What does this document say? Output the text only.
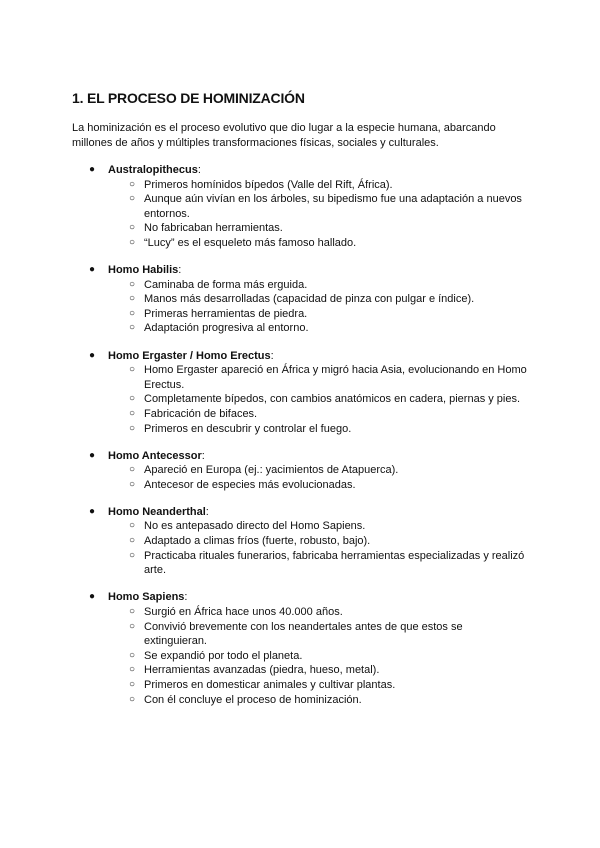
1. EL PROCESO DE HOMINIZACIÓN
La hominización es el proceso evolutivo que dio lugar a la especie humana, abarcando millones de años y múltiples transformaciones físicas, sociales y culturales.
● Australopithecus:
○ Primeros homínidos bípedos (Valle del Rift, África).
○ Aunque aún vivían en los árboles, su bipedismo fue una adaptación a nuevos entornos.
○ No fabricaban herramientas.
○ “Lucy” es el esqueleto más famoso hallado.
● Homo Habilis:
○ Caminaba de forma más erguida.
○ Manos más desarrolladas (capacidad de pinza con pulgar e índice).
○ Primeras herramientas de piedra.
○ Adaptación progresiva al entorno.
● Homo Ergaster / Homo Erectus:
○ Homo Ergaster apareció en África y migró hacia Asia, evolucionando en Homo Erectus.
○ Completamente bípedos, con cambios anatómicos en cadera, piernas y pies.
○ Fabricación de bifaces.
○ Primeros en descubrir y controlar el fuego.
● Homo Antecessor:
○ Apareció en Europa (ej.: yacimientos de Atapuerca).
○ Antecesor de especies más evolucionadas.
● Homo Neanderthal:
○ No es antepasado directo del Homo Sapiens.
○ Adaptado a climas fríos (fuerte, robusto, bajo).
○ Practicaba rituales funerarios, fabricaba herramientas especializadas y realizó arte.
● Homo Sapiens:
○ Surgió en África hace unos 40.000 años.
○ Convivió brevemente con los neandertales antes de que estos se extinguieran.
○ Se expandió por todo el planeta.
○ Herramientas avanzadas (piedra, hueso, metal).
○ Primeros en domesticar animales y cultivar plantas.
○ Con él concluye el proceso de hominización.
